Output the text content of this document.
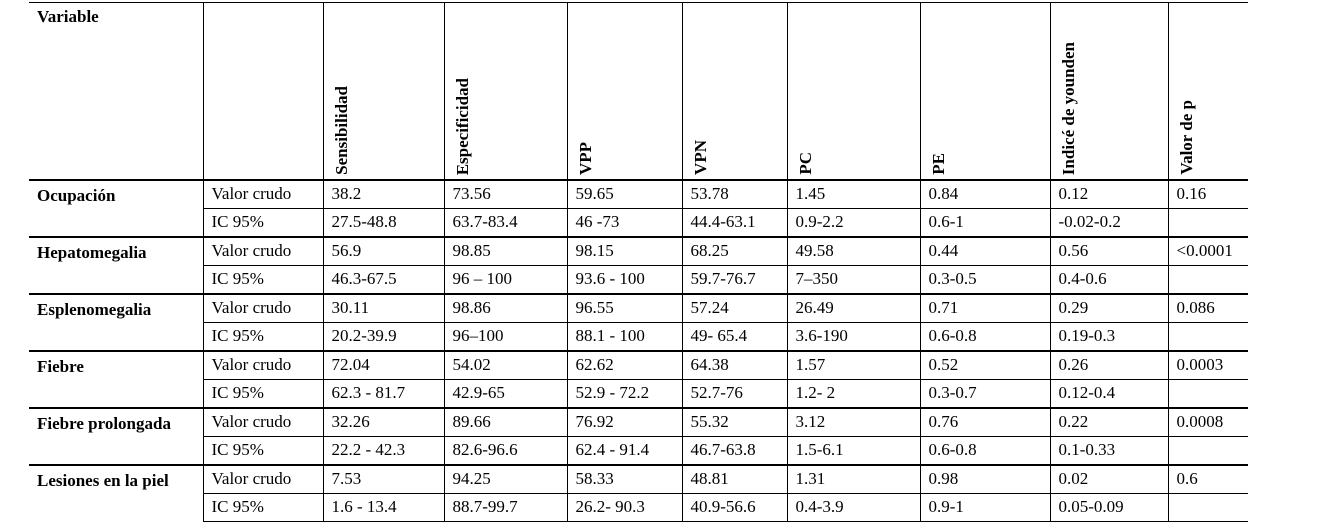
Variable		Sensibilidad	Especificidad	VPP	VPN	PC	PE	Indicé de younden	Valor de p
Ocupación	Valor crudo	38.2	73.56	59.65	53.78	1.45	0.84	0.12	0.16
	IC 95%	27.5-48.8	63.7-83.4	46 -73	44.4-63.1	0.9-2.2	0.6-1	-0.02-0.2	
Hepatomegalia	Valor crudo	56.9	98.85	98.15	68.25	49.58	0.44	0.56	<0.0001
	IC 95%	46.3-67.5	96 – 100	93.6 - 100	59.7-76.7	7–350	0.3-0.5	0.4-0.6	
Esplenomegalia	Valor crudo	30.11	98.86	96.55	57.24	26.49	0.71	0.29	0.086
	IC 95%	20.2-39.9	96–100	88.1 - 100	49- 65.4	3.6-190	0.6-0.8	0.19-0.3	
Fiebre	Valor crudo	72.04	54.02	62.62	64.38	1.57	0.52	0.26	0.0003
	IC 95%	62.3 - 81.7	42.9-65	52.9 - 72.2	52.7-76	1.2- 2	0.3-0.7	0.12-0.4	
Fiebre prolongada	Valor crudo	32.26	89.66	76.92	55.32	3.12	0.76	0.22	0.0008
	IC 95%	22.2 - 42.3	82.6-96.6	62.4 - 91.4	46.7-63.8	1.5-6.1	0.6-0.8	0.1-0.33	
Lesiones en la piel	Valor crudo	7.53	94.25	58.33	48.81	1.31	0.98	0.02	0.6
	IC 95%	1.6 - 13.4	88.7-99.7	26.2- 90.3	40.9-56.6	0.4-3.9	0.9-1	0.05-0.09	
